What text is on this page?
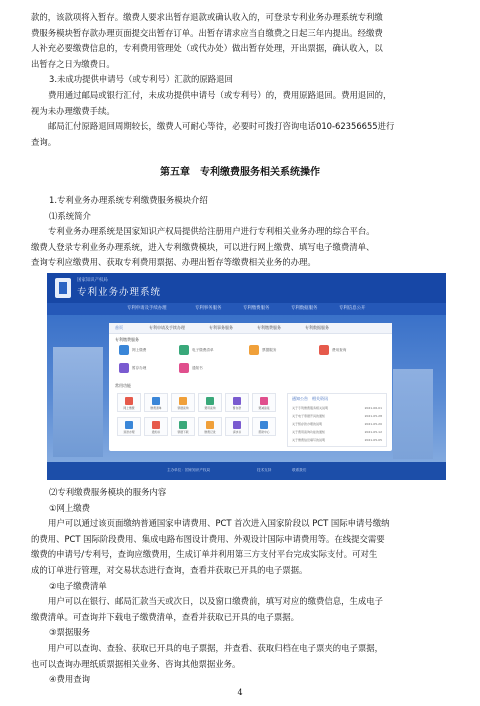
款的，该款项将入暂存。缴费人要求出暂存退款或确认收入的，可登录专利业务办理系统专利缴

费服务模块暂存款办理页面提交出暂存订单。出暂存请求应当自缴费之日起三年内提出。经缴费

人补充必要缴费信息的，专利费用管理处（或代办处）做出暂存处理，开出票据，确认收入，以

出暂存之日为缴费日。

3.未成功提供申请号（或专利号）汇款的原路退回

费用通过邮局或银行汇付，未成功提供申请号（或专利号）的，费用原路退回。费用退回的，

视为未办理缴费手续。

邮局汇付原路退回周期较长，缴费人可耐心等待，必要时可拨打咨询电话010-62356655进行

查询。

第五章　专利缴费服务相关系统操作

1.专利业务办理系统专利缴费服务模块介绍

⑴系统简介

专利业务办理系统是国家知识产权局提供给注册用户进行专利相关业务办理的综合平台。

缴费人登录专利业务办理系统，进入专利缴费模块，可以进行网上缴费、填写电子缴费清单、

查询专利应缴费用、获取专利费用票据、办理出暂存等缴费相关业务的办理。

国家知识产权局
专利业务办理系统
专利申请及手续办理	专利事务服务	专利缴费服务	专利数据服务	专利信息公开
首页	专利申请及手续办理	专利事务服务	专利缴费服务	专利数据服务
专利缴费服务
网上缴费	电子缴费清单	票据服务	费用查询
暂存办理	通知书
常用功能
网上缴费	缴费清单	票据查询	费用查询	暂存款	费减备案
退款办理	通知书	票据下载	缴费记录	请求书	帮助中心
通知公告　相关资讯
关于专利缴费服务相关说明	2021-06-01
关于电子票据开具的通知	2021-05-28
关于暂存款办理的说明	2021-05-20
关于费用查询功能的通知	2021-05-12
关于缴费信息填写的说明	2021-05-05
主办单位：国家知识产权局	技术支持	联系我们

⑵专利缴费服务模块的服务内容

①网上缴费

用户可以通过该页面缴纳普通国家申请费用、PCT 首次进入国家阶段以 PCT 国际申请号缴纳

的费用、PCT 国际阶段费用、集成电路布图设计费用、外观设计国际申请费用等。在线提交需要

缴费的申请号/专利号，查询应缴费用，生成订单并利用第三方支付平台完成实际支付。可对生

成的订单进行管理，对交易状态进行查询，查看并获取已开具的电子票据。

②电子缴费清单

用户可以在银行、邮局汇款当天或次日，以及窗口缴费前，填写对应的缴费信息，生成电子

缴费清单。可查询并下载电子缴费清单，查看并获取已开具的电子票据。

③票据服务

用户可以查询、查验、获取已开具的电子票据，并查看、获取归档在电子票夹的电子票据，

也可以查询办理纸质票据相关业务、咨询其他票据业务。

④费用查询

4
